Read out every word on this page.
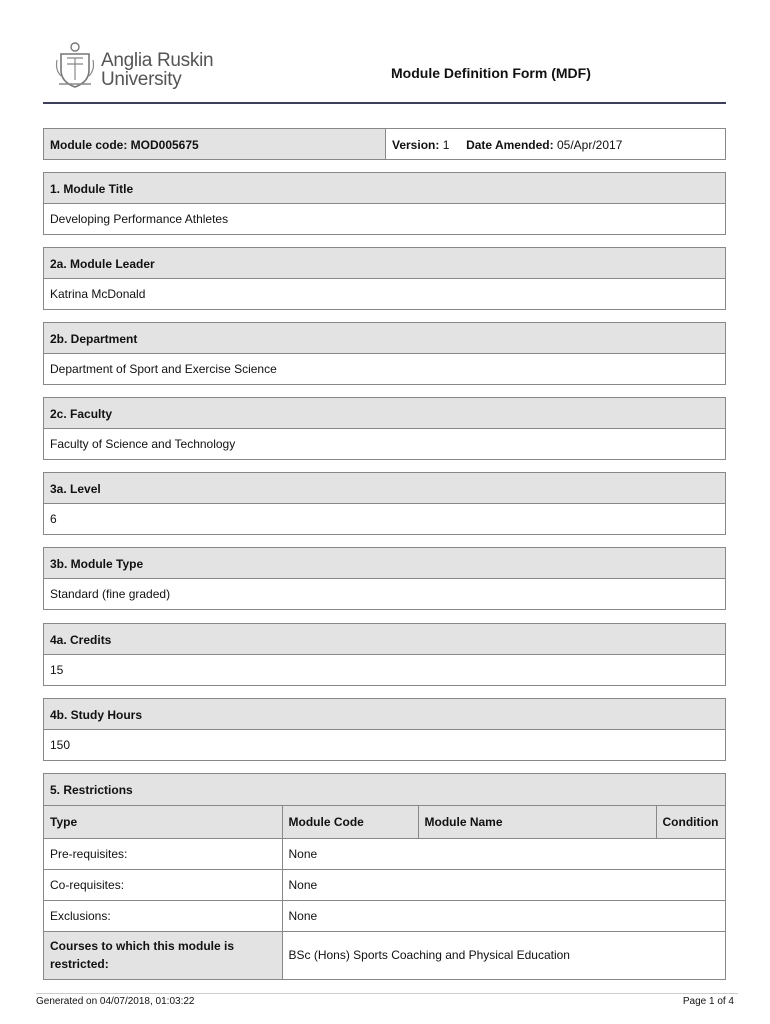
Anglia Ruskin
University	Module Definition Form (MDF)
Module code: MOD005675	Version: 1 Date Amended: 05/Apr/2017
1. Module Title
Developing Performance Athletes
2a. Module Leader
Katrina McDonald
2b. Department
Department of Sport and Exercise Science
2c. Faculty
Faculty of Science and Technology
3a. Level
6
3b. Module Type
Standard (fine graded)
4a. Credits
15
4b. Study Hours
150
5. Restrictions
Type	Module Code	Module Name	Condition
Pre-requisites:	None		
Co-requisites:	None		
Exclusions:	None		
Courses to which this module is restricted:	BSc (Hons) Sports Coaching and Physical Education		
Generated on 04/07/2018, 01:03:22	Page 1 of 4
